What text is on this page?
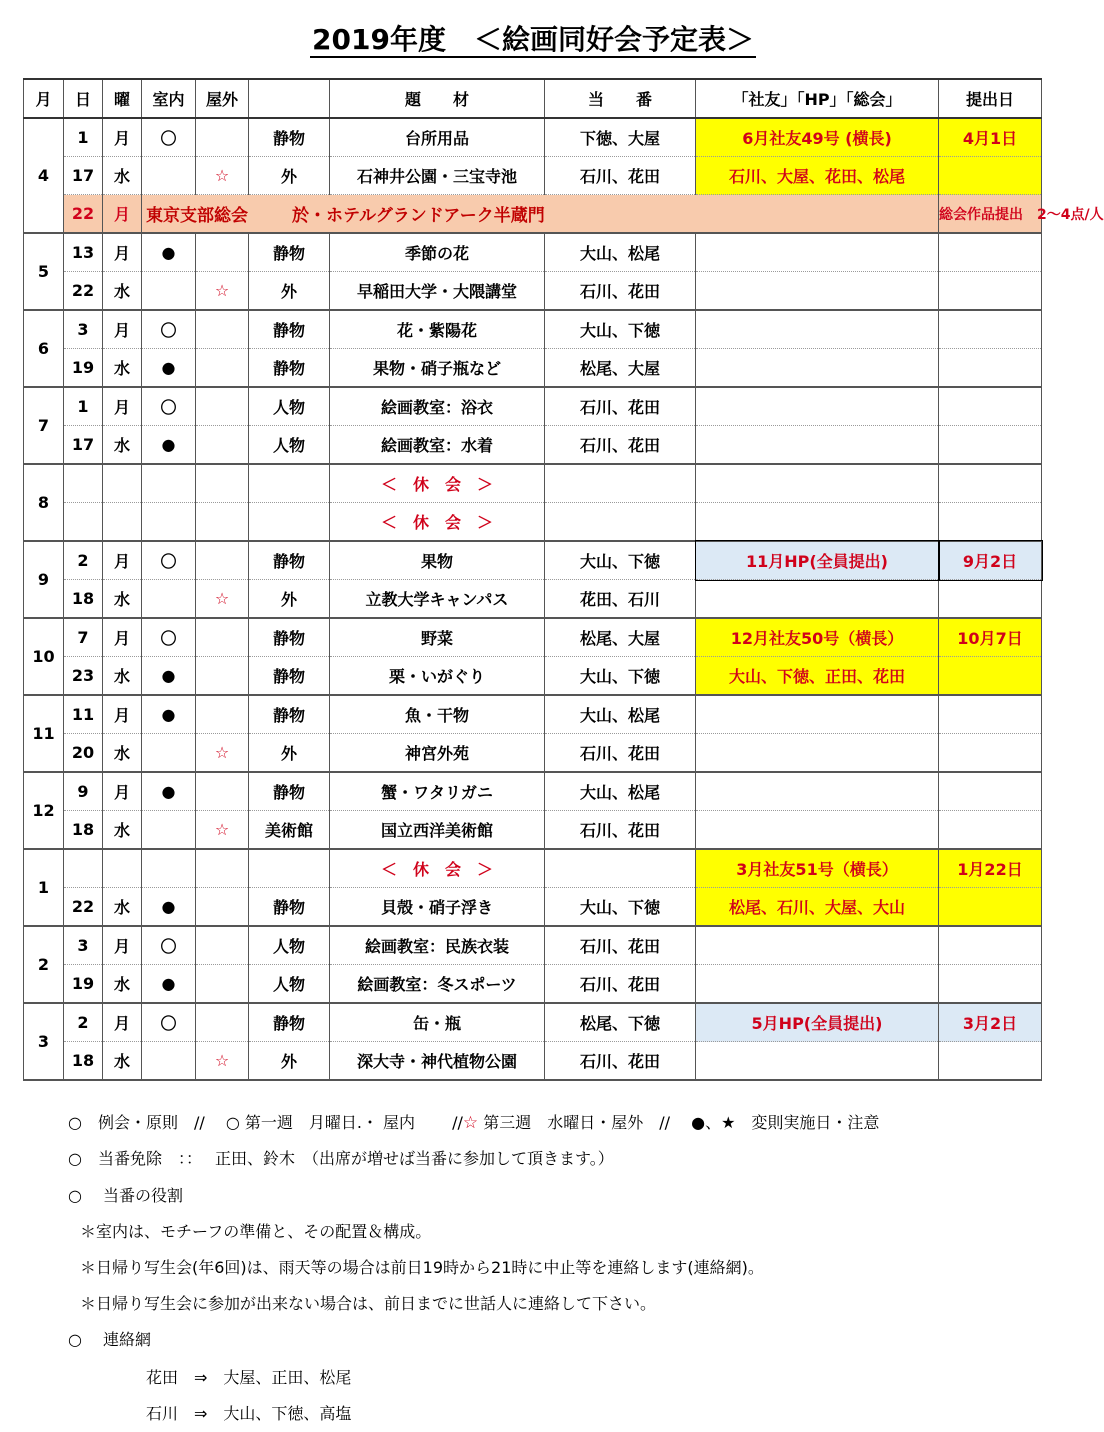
2019年度　＜絵画同好会予定表＞
月	日	曜	室内	屋外		題　　材	当　　番	「社友」「HP」「総会」	提出日
4	1	月	〇		静物	台所用品	下徳、大屋	6月社友49号 (横長)	4月1日
	17	水		☆	外	石神井公園・三宝寺池	石川、花田	石川、大屋、花田、松尾	
	22	月	東京支部総会 於・ホテルグランドアーク半蔵門						総会作品提出　2〜4点/人
5	13	月	●		静物	季節の花	大山、松尾		
	22	水		☆	外	早稲田大学・大隈講堂	石川、花田		
6	3	月	〇		静物	花・紫陽花	大山、下徳		
	19	水	●		静物	果物・硝子瓶など	松尾、大屋		
7	1	月	〇		人物	絵画教室：浴衣	石川、花田		
	17	水	●		人物	絵画教室：水着	石川、花田		
8						＜　休　会　＞			
						＜　休　会　＞			
9	2	月	〇		静物	果物	大山、下徳	11月HP(全員提出)	9月2日
	18	水		☆	外	立教大学キャンパス	花田、石川		
10	7	月	〇		静物	野菜	松尾、大屋	12月社友50号（横長）	10月7日
	23	水	●		静物	栗・いがぐり	大山、下徳	大山、下徳、正田、花田	
11	11	月	●		静物	魚・干物	大山、松尾		
	20	水		☆	外	神宮外苑	石川、花田		
12	9	月	●		静物	蟹・ワタリガニ	大山、松尾		
	18	水		☆	美術館	国立西洋美術館	石川、花田		
1						＜　休　会　＞		3月社友51号（横長）	1月22日
	22	水	●		静物	貝殻・硝子浮き	大山、下徳	松尾、石川、大屋、大山	
2	3	月	〇		人物	絵画教室：民族衣装	石川、花田		
	19	水	●		人物	絵画教室：冬スポーツ	石川、花田		
3	2	月	〇		静物	缶・瓶	松尾、下徳	5月HP(全員提出)	3月2日
	18	水		☆	外	深大寺・神代植物公園	石川、花田		
○　例会・原則　//　 ○ 第一週　月曜日.・ 屋内　　 //☆ 第三週　水曜日・屋外　//　 ●、★　変則実施日・注意
○　当番免除　：：　 正田、鈴木　（出席が増せば当番に参加して頂きます。）
○　 当番の役割
＊室内は、モチーフの準備と、その配置＆構成。
＊日帰り写生会(年6回)は、雨天等の場合は前日19時から21時に中止等を連絡します(連絡網)。
＊日帰り写生会に参加が出来ない場合は、前日までに世話人に連絡して下さい。
○　 連絡網
花田　⇒　大屋、正田、松尾
石川　⇒　大山、下徳、高塩
